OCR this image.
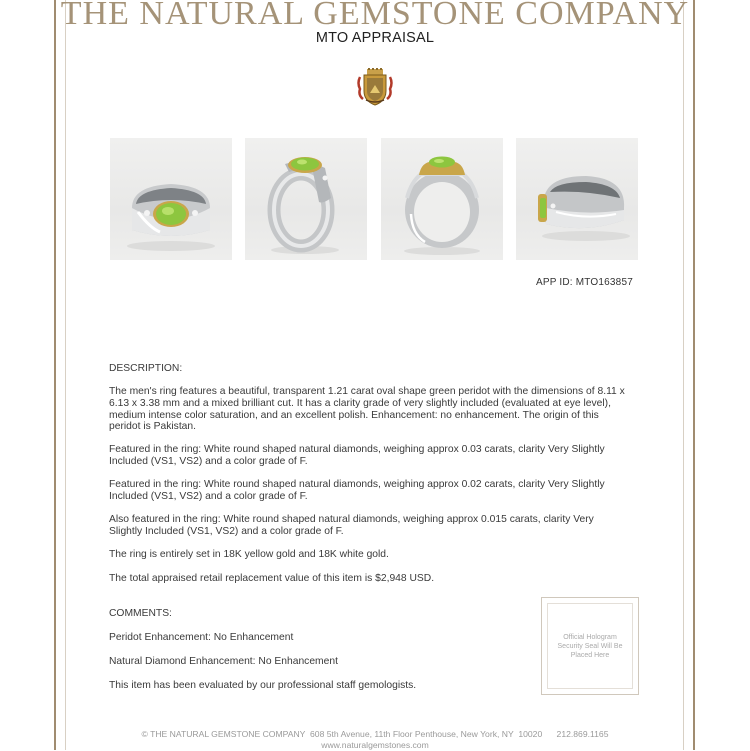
THE NATURAL GEMSTONE COMPANY
MTO APPRAISAL
APP ID: MTO163857
DESCRIPTION:
The men's ring features a beautiful, transparent 1.21 carat oval shape green peridot with the dimensions of 8.11 x 6.13 x 3.38 mm and a mixed brilliant cut. It has a clarity grade of very slightly included (evaluated at eye level), medium intense color saturation, and an excellent polish. Enhancement: no enhancement. The origin of this peridot is Pakistan.
Featured in the ring: White round shaped natural diamonds, weighing approx 0.03 carats, clarity Very Slightly Included (VS1, VS2) and a color grade of F.
Featured in the ring: White round shaped natural diamonds, weighing approx 0.02 carats, clarity Very Slightly Included (VS1, VS2) and a color grade of F.
Also featured in the ring: White round shaped natural diamonds, weighing approx 0.015 carats, clarity Very Slightly Included (VS1, VS2) and a color grade of F.
The ring is entirely set in 18K yellow gold and 18K white gold.
The total appraised retail replacement value of this item is $2,948 USD.
COMMENTS:
Peridot Enhancement: No Enhancement
Natural Diamond Enhancement: No Enhancement
This item has been evaluated by our professional staff gemologists.
Official Hologram Security Seal Will Be Placed Here
© THE NATURAL GEMSTONE COMPANY  608 5th Avenue, 11th Floor Penthouse, New York, NY  10020      212.869.1165
www.naturalgemstones.com
